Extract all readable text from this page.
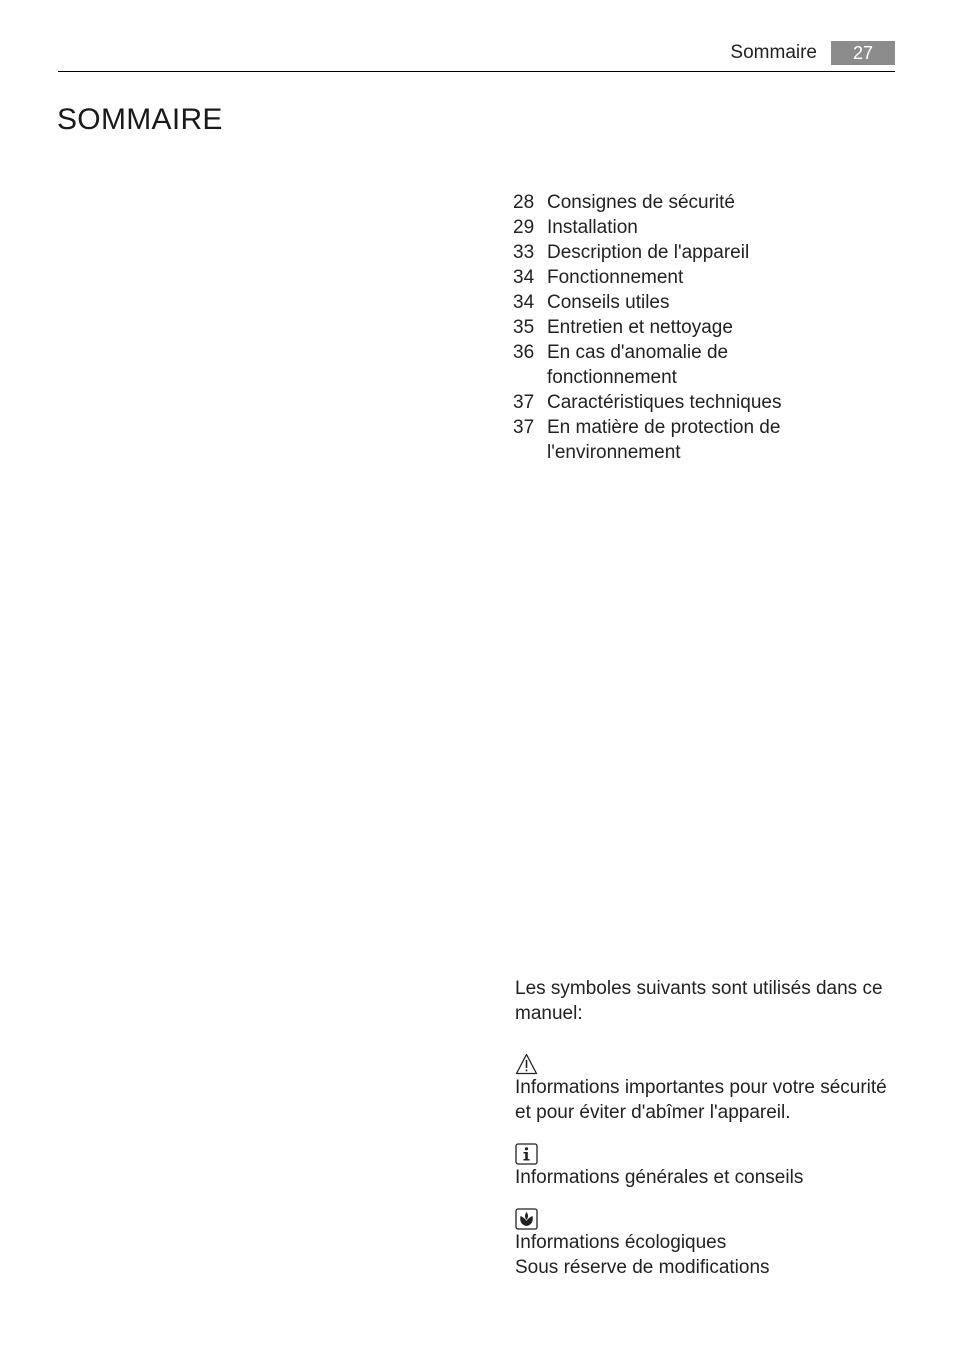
Sommaire	27
SOMMAIRE
28 Consignes de sécurité
29 Installation
33 Description de l'appareil
34 Fonctionnement
34 Conseils utiles
35 Entretien et nettoyage
36 En cas d'anomalie de fonctionnement
37 Caractéristiques techniques
37 En matière de protection de l'environnement

Les symboles suivants sont utilisés dans ce manuel:

Informations importantes pour votre sécurité et pour éviter d'abîmer l'appareil.

Informations générales et conseils

Informations écologiques

Sous réserve de modifications
